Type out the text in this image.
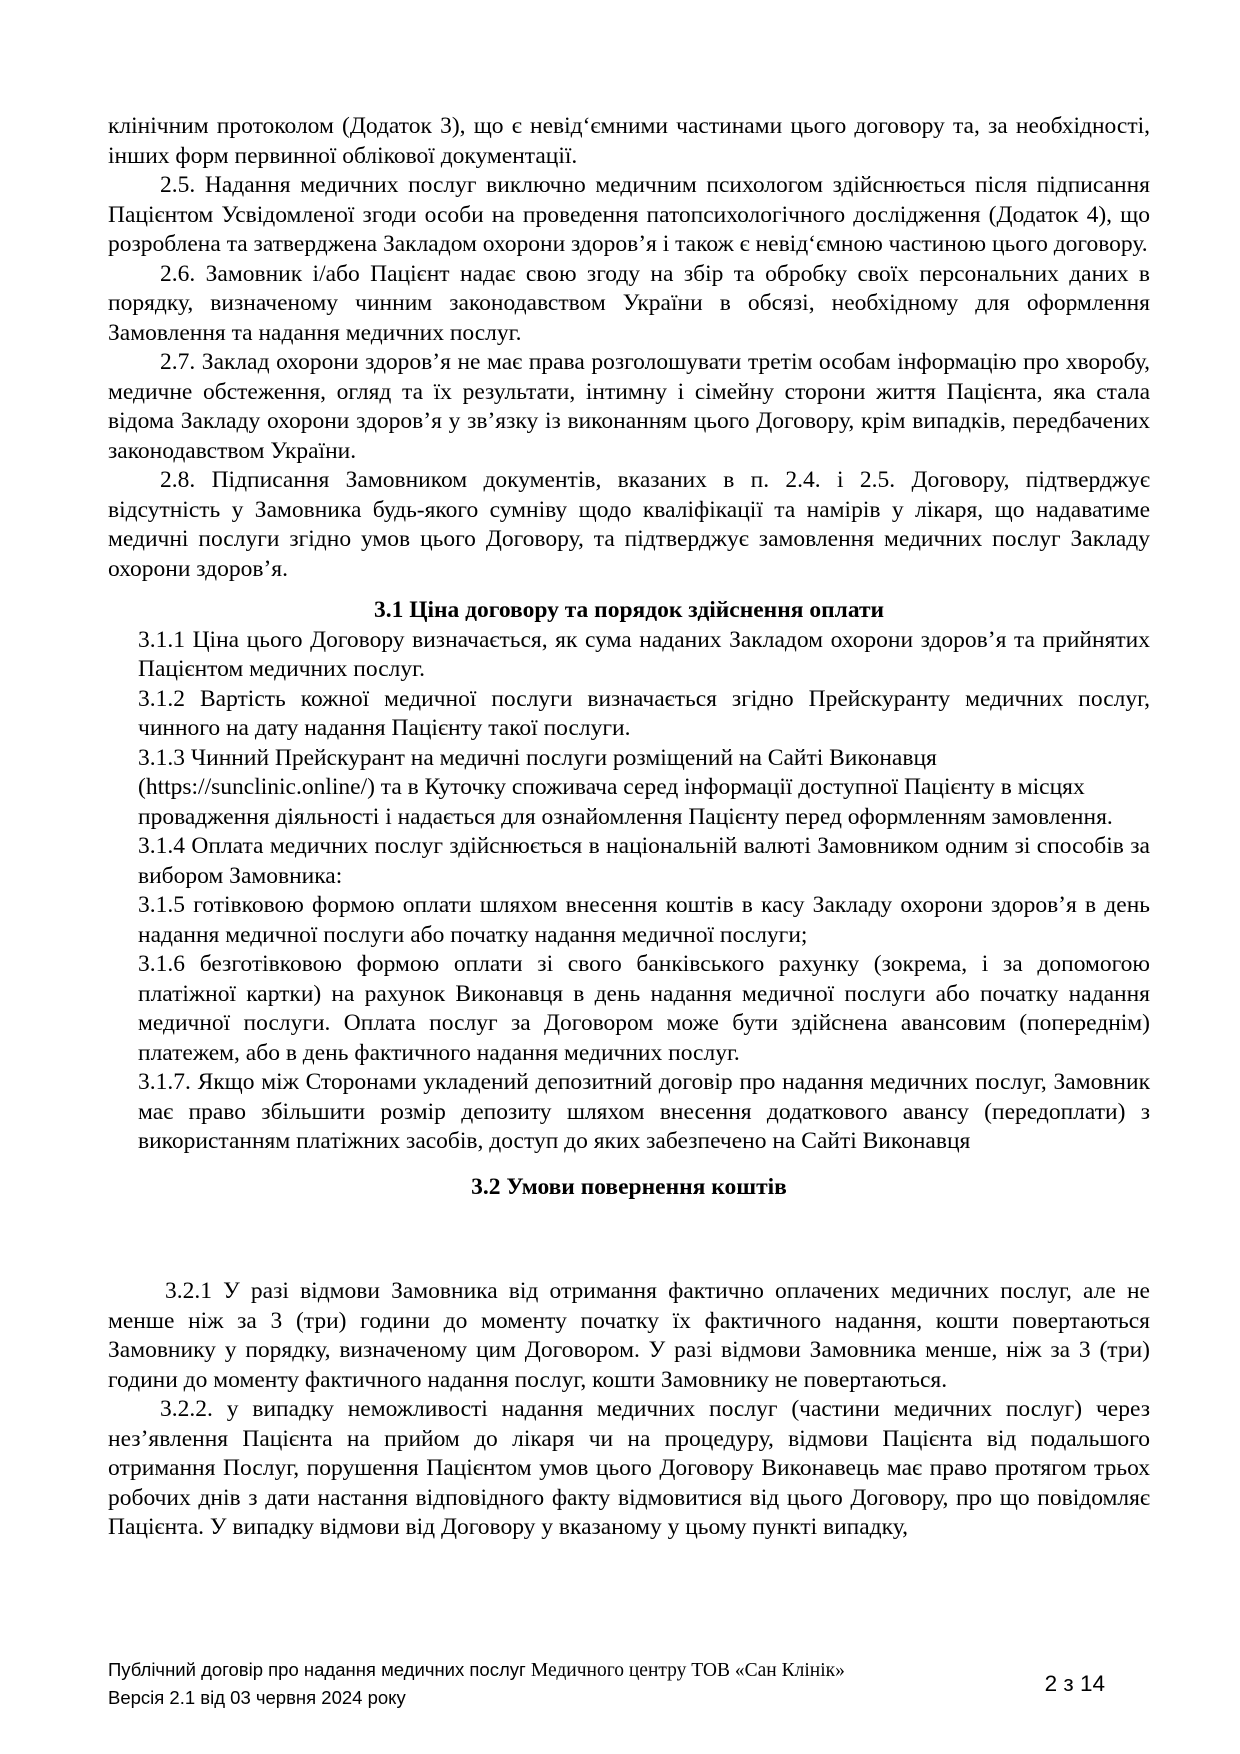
клінічним протоколом (Додаток 3), що є невід‘ємними частинами цього договору та, за необхідності, інших форм первинної облікової документації.

2.5. Надання медичних послуг виключно медичним психологом здійснюється після підписання Пацієнтом Усвідомленої згоди особи на проведення патопсихологічного дослідження (Додаток 4), що розроблена та затверджена Закладом охорони здоров’я і також є невід‘ємною частиною цього договору.

2.6. Замовник і/або Пацієнт надає свою згоду на збір та обробку своїх персональних даних в порядку, визначеному чинним законодавством України в обсязі, необхідному для оформлення Замовлення та надання медичних послуг.

2.7. Заклад охорони здоров’я не має права розголошувати третім особам інформацію про хворобу, медичне обстеження, огляд та їх результати, інтимну і сімейну сторони життя Пацієнта, яка стала відома Закладу охорони здоров’я у зв’язку із виконанням цього Договору, крім випадків, передбачених законодавством України.

2.8. Підписання Замовником документів, вказаних в п. 2.4. і 2.5. Договору, підтверджує відсутність у Замовника будь-якого сумніву щодо кваліфікації та намірів у лікаря, що надаватиме медичні послуги згідно умов цього Договору, та підтверджує замовлення медичних послуг Закладу охорони здоров’я.

3.1 Ціна договору та порядок здійснення оплати

3.1.1 Ціна цього Договору визначається, як сума наданих Закладом охорони здоров’я та прийнятих Пацієнтом медичних послуг.

3.1.2 Вартість кожної медичної послуги визначається згідно Прейскуранту медичних послуг, чинного на дату надання Пацієнту такої послуги.

3.1.3 Чинний Прейскурант на медичні послуги розміщений на Сайті Виконавця (https://sunclinic.online/) та в Куточку споживача серед інформації доступної Пацієнту в місцях провадження діяльності і надається для ознайомлення Пацієнту перед оформленням замовлення.

3.1.4 Оплата медичних послуг здійснюється в національній валюті Замовником одним зі способів за вибором Замовника:

3.1.5 готівковою формою оплати шляхом внесення коштів в касу Закладу охорони здоров’я в день надання медичної послуги або початку надання медичної послуги;

3.1.6 безготівковою формою оплати зі свого банківського рахунку (зокрема, і за допомогою платіжної картки) на рахунок Виконавця в день надання медичної послуги або початку надання медичної послуги. Оплата послуг за Договором може бути здійснена авансовим (попереднім) платежем, або в день фактичного надання медичних послуг.

3.1.7. Якщо між Сторонами укладений депозитний договір про надання медичних послуг, Замовник має право збільшити розмір депозиту шляхом внесення додаткового авансу (передоплати) з використанням платіжних засобів, доступ до яких забезпечено на Сайті Виконавця

3.2 Умови повернення коштів

3.2.1 У разі відмови Замовника від отримання фактично оплачених медичних послуг, але не менше ніж за 3 (три) години до моменту початку їх фактичного надання, кошти повертаються Замовнику у порядку, визначеному цим Договором. У разі відмови Замовника менше, ніж за 3 (три) години до моменту фактичного надання послуг, кошти Замовнику не повертаються.

3.2.2. у випадку неможливості надання медичних послуг (частини медичних послуг) через нез’явлення Пацієнта на прийом до лікаря чи на процедуру, відмови Пацієнта від подальшого отримання Послуг, порушення Пацієнтом умов цього Договору Виконавець має право протягом трьох робочих днів з дати настання відповідного факту відмовитися від цього Договору, про що повідомляє Пацієнта. У випадку відмови від Договору у вказаному у цьому пункті випадку,

Публічний договір про надання медичних послуг Медичного центру ТОВ «Сан Клінік»
Версія 2.1 від 03 червня 2024 року
2 з 14
